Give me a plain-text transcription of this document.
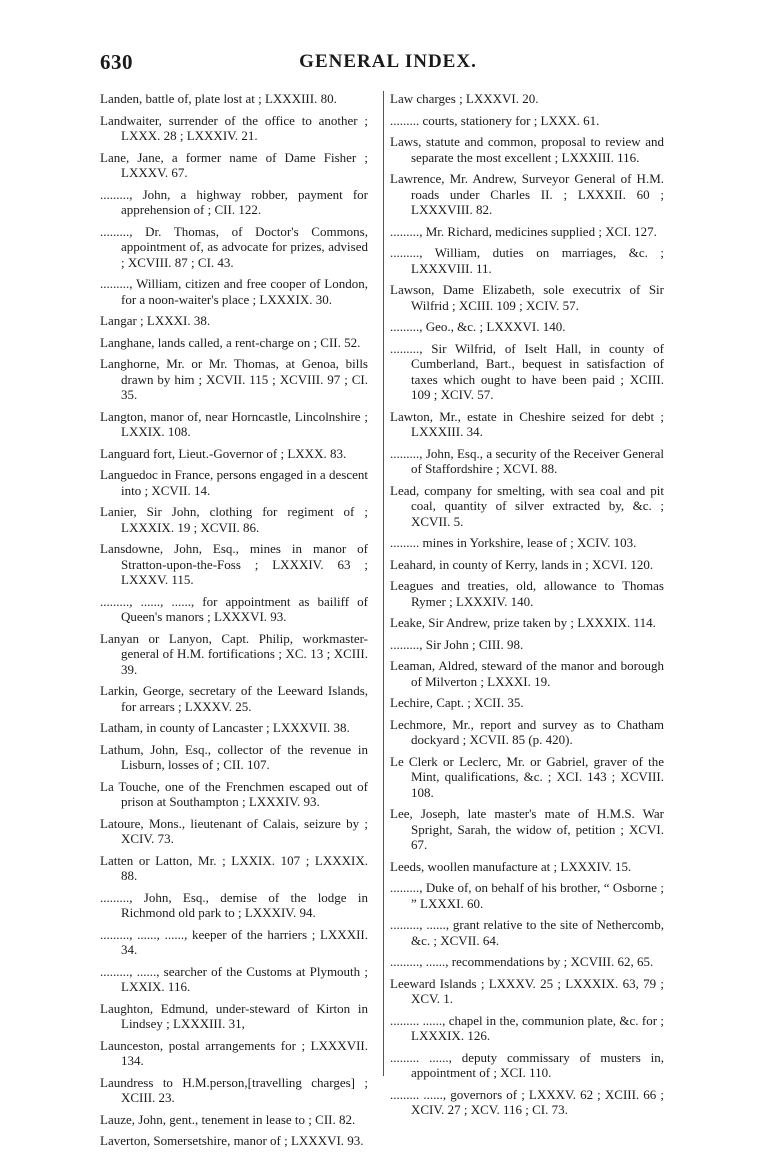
630	GENERAL INDEX.
Landen, battle of, plate lost at ; LXXXIII. 80.
Landwaiter, surrender of the office to another ; LXXX. 28 ; LXXXIV. 21.
Lane, Jane, a former name of Dame Fisher ; LXXXV. 67.
........., John, a highway robber, payment for apprehension of ; CII. 122.
........., Dr. Thomas, of Doctor's Commons, appointment of, as advocate for prizes, advised ; XCVIII. 87 ; CI. 43.
........., William, citizen and free cooper of London, for a noon-waiter's place ; LXXXIX. 30.
Langar ; LXXXI. 38.
Langhane, lands called, a rent-charge on ; CII. 52.
Langhorne, Mr. or Mr. Thomas, at Genoa, bills drawn by him ; XCVII. 115 ; XCVIII. 97 ; CI. 35.
Langton, manor of, near Horncastle, Lincolnshire ; LXXIX. 108.
Languard fort, Lieut.-Governor of ; LXXX. 83.
Languedoc in France, persons engaged in a descent into ; XCVII. 14.
Lanier, Sir John, clothing for regiment of ; LXXXIX. 19 ; XCVII. 86.
Lansdowne, John, Esq., mines in manor of Stratton-upon-the-Foss ; LXXXIV. 63 ; LXXXV. 115.
........., ......, ......, for appointment as bailiff of Queen's manors ; LXXXVI. 93.
Lanyan or Lanyon, Capt. Philip, workmaster-general of H.M. fortifications ; XC. 13 ; XCIII. 39.
Larkin, George, secretary of the Leeward Islands, for arrears ; LXXXV. 25.
Latham, in county of Lancaster ; LXXXVII. 38.
Lathum, John, Esq., collector of the revenue in Lisburn, losses of ; CII. 107.
La Touche, one of the Frenchmen escaped out of prison at Southampton ; LXXXIV. 93.
Latoure, Mons., lieutenant of Calais, seizure by ; XCIV. 73.
Latten or Latton, Mr. ; LXXIX. 107 ; LXXXIX. 88.
........., John, Esq., demise of the lodge in Richmond old park to ; LXXXIV. 94.
........., ......, ......, keeper of the harriers ; LXXXII. 34.
........., ......, searcher of the Customs at Plymouth ; LXXIX. 116.
Laughton, Edmund, under-steward of Kirton in Lindsey ; LXXXIII. 31,
Launceston, postal arrangements for ; LXXXVII. 134.
Laundress to H.M.person,[travelling charges] ; XCIII. 23.
Lauze, John, gent., tenement in lease to ; CII. 82.
Laverton, Somersetshire, manor of ; LXXXVI. 93.
Law charges ; LXXXVI. 20.
......... courts, stationery for ; LXXX. 61.
Laws, statute and common, proposal to review and separate the most excellent ; LXXXIII. 116.
Lawrence, Mr. Andrew, Surveyor General of H.M. roads under Charles II. ; LXXXII. 60 ; LXXXVIII. 82.
........., Mr. Richard, medicines supplied ; XCI. 127.
........., William, duties on marriages, &c. ; LXXXVIII. 11.
Lawson, Dame Elizabeth, sole executrix of Sir Wilfrid ; XCIII. 109 ; XCIV. 57.
........., Geo., &c. ; LXXXVI. 140.
........., Sir Wilfrid, of Iselt Hall, in county of Cumberland, Bart., bequest in satisfaction of taxes which ought to have been paid ; XCIII. 109 ; XCIV. 57.
Lawton, Mr., estate in Cheshire seized for debt ; LXXXIII. 34.
........., John, Esq., a security of the Receiver General of Staffordshire ; XCVI. 88.
Lead, company for smelting, with sea coal and pit coal, quantity of silver extracted by, &c. ; XCVII. 5.
......... mines in Yorkshire, lease of ; XCIV. 103.
Leahard, in county of Kerry, lands in ; XCVI. 120.
Leagues and treaties, old, allowance to Thomas Rymer ; LXXXIV. 140.
Leake, Sir Andrew, prize taken by ; LXXXIX. 114.
........., Sir John ; CIII. 98.
Leaman, Aldred, steward of the manor and borough of Milverton ; LXXXI. 19.
Lechire, Capt. ; XCII. 35.
Lechmore, Mr., report and survey as to Chatham dockyard ; XCVII. 85 (p. 420).
Le Clerk or Leclerc, Mr. or Gabriel, graver of the Mint, qualifications, &c. ; XCI. 143 ; XCVIII. 108.
Lee, Joseph, late master's mate of H.M.S. War Spright, Sarah, the widow of, petition ; XCVI. 67.
Leeds, woollen manufacture at ; LXXXIV. 15.
........., Duke of, on behalf of his brother, “ Osborne ; ” LXXXI. 60.
........., ......, grant relative to the site of Nethercomb, &c. ; XCVII. 64.
........., ......, recommendations by ; XCVIII. 62, 65.
Leeward Islands ; LXXXV. 25 ; LXXXIX. 63, 79 ; XCV. 1.
......... ......, chapel in the, communion plate, &c. for ; LXXXIX. 126.
......... ......, deputy commissary of musters in, appointment of ; XCI. 110.
......... ......, governors of ; LXXXV. 62 ; XCIII. 66 ; XCIV. 27 ; XCV. 116 ; CI. 73.
